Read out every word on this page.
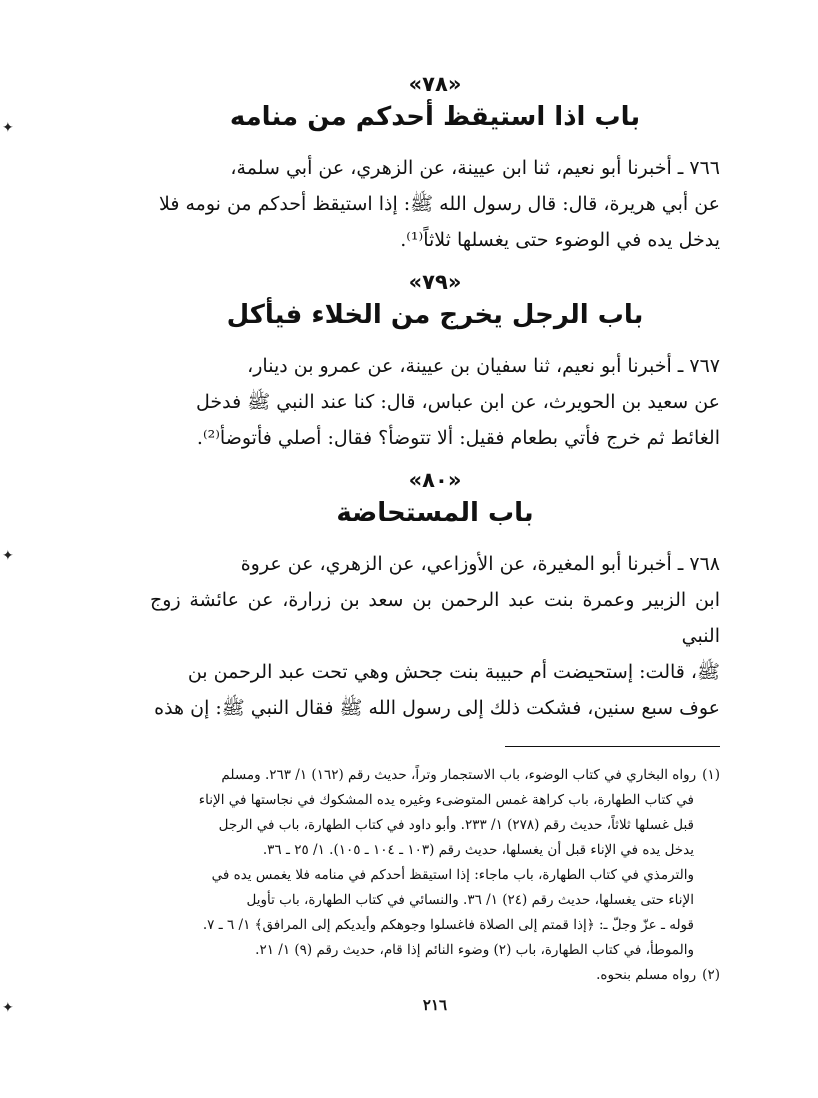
✦
✦
✦
«٧٨»
باب اذا استيقظ أحدكم من منامه

٧٦٦ ـ أخبرنا أبو نعيم، ثنا ابن عيينة، عن الزهري، عن أبي سلمة،

عن أبي هريرة، قال: قال رسول الله ﷺ: إذا استيقظ أحدكم من نومه فلا

يدخل يده في الوضوء حتى يغسلها ثلاثاً⁽¹⁾.

«٧٩»
باب الرجل يخرج من الخلاء فيأكل

٧٦٧ ـ أخبرنا أبو نعيم، ثنا سفيان بن عيينة، عن عمرو بن دينار،

عن سعيد بن الحويرث، عن ابن عباس، قال: كنا عند النبي ﷺ فدخل

الغائط ثم خرج فأتي بطعام فقيل: ألا تتوضأ؟ فقال: أصلي فأتوضأ⁽²⁾.

«٨٠»
باب المستحاضة

٧٦٨ ـ أخبرنا أبو المغيرة، عن الأوزاعي، عن الزهري، عن عروة

ابن الزبير وعمرة بنت عبد الرحمن بن سعد بن زرارة، عن عائشة زوج النبي

ﷺ، قالت: إستحيضت أم حبيبة بنت جحش وهي تحت عبد الرحمن بن

عوف سبع سنين، فشكت ذلك إلى رسول الله ﷺ فقال النبي ﷺ: إن هذه

(١)رواه البخاري في كتاب الوضوء، باب الاستجمار وتراً، حديث رقم (١٦٢) ١/ ٢٦٣. ومسلم

في كتاب الطهارة، باب كراهة غمس المتوضىء وغيره يده المشكوك في نجاستها في الإناء

قبل غسلها ثلاثاً، حديث رقم (٢٧٨) ١/ ٢٣٣. وأبو داود في كتاب الطهارة، باب في الرجل

يدخل يده في الإناء قبل أن يغسلها، حديث رقم (١٠٣ ـ ١٠٤ ـ ١٠٥). ١/ ٢٥ ـ ٣٦.

والترمذي في كتاب الطهارة، باب ماجاء: إذا استيقظ أحدكم في منامه فلا يغمس يده في

الإناء حتى يغسلها، حديث رقم (٢٤) ١/ ٣٦. والنسائي في كتاب الطهارة، باب تأويل

قوله ـ عزّ وجلّ ـ: ﴿إذا قمتم إلى الصلاة فاغسلوا وجوهكم وأيديكم إلى المرافق﴾ ١/ ٦ ـ ٧.

والموطأ، في كتاب الطهارة، باب (٢) وضوء النائم إذا قام، حديث رقم (٩) ١/ ٢١.

(٢)رواه مسلم بنحوه.

٢١٦
